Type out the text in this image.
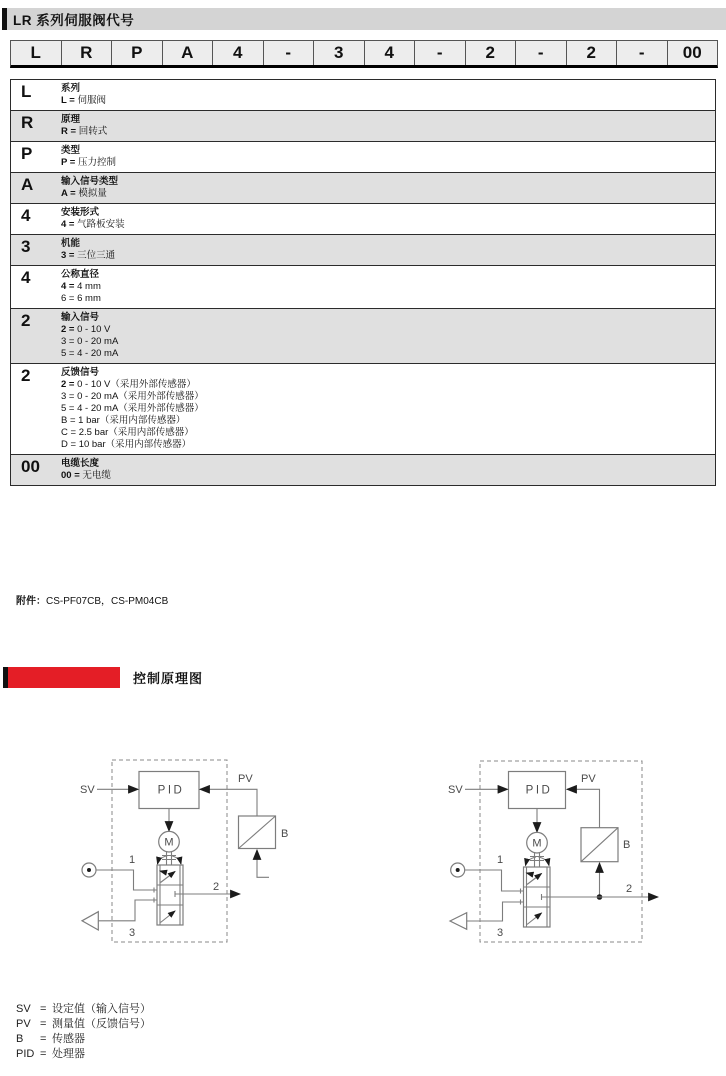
LR 系列伺服阀代号
L	R	P	A	4	-	3	4	-	2	-	2	-	00
L	系列
L = 伺服阀
R	原理
R = 回转式
P	类型
P = 压力控制
A	输入信号类型
A = 模拟量
4	安装形式
4 = 气路板安装
3	机能
3 = 三位三通
4	公称直径
4 = 4 mm
6 = 6 mm
2	输入信号
2 = 0 - 10 V
3 = 0 - 20 mA
5 = 4 - 20 mA
2	反馈信号
2 = 0 - 10 V（采用外部传感器）
3 = 0 - 20 mA（采用外部传感器）
5 = 4 - 20 mA（采用外部传感器）
B = 1 bar（采用内部传感器）
C = 2.5 bar（采用内部传感器）
D = 10 bar（采用内部传感器）
00	电缆长度
00 = 无电缆
附件：CS-PF07CB，CS-PM04CB
控制原理图
PID
SV
PV
B
M
1
3
2
PID
SV
PV
B
M
1
3
2
SV = 设定值（输入信号）
PV = 测量值（反馈信号）
B	= 传感器
PID = 处理器
